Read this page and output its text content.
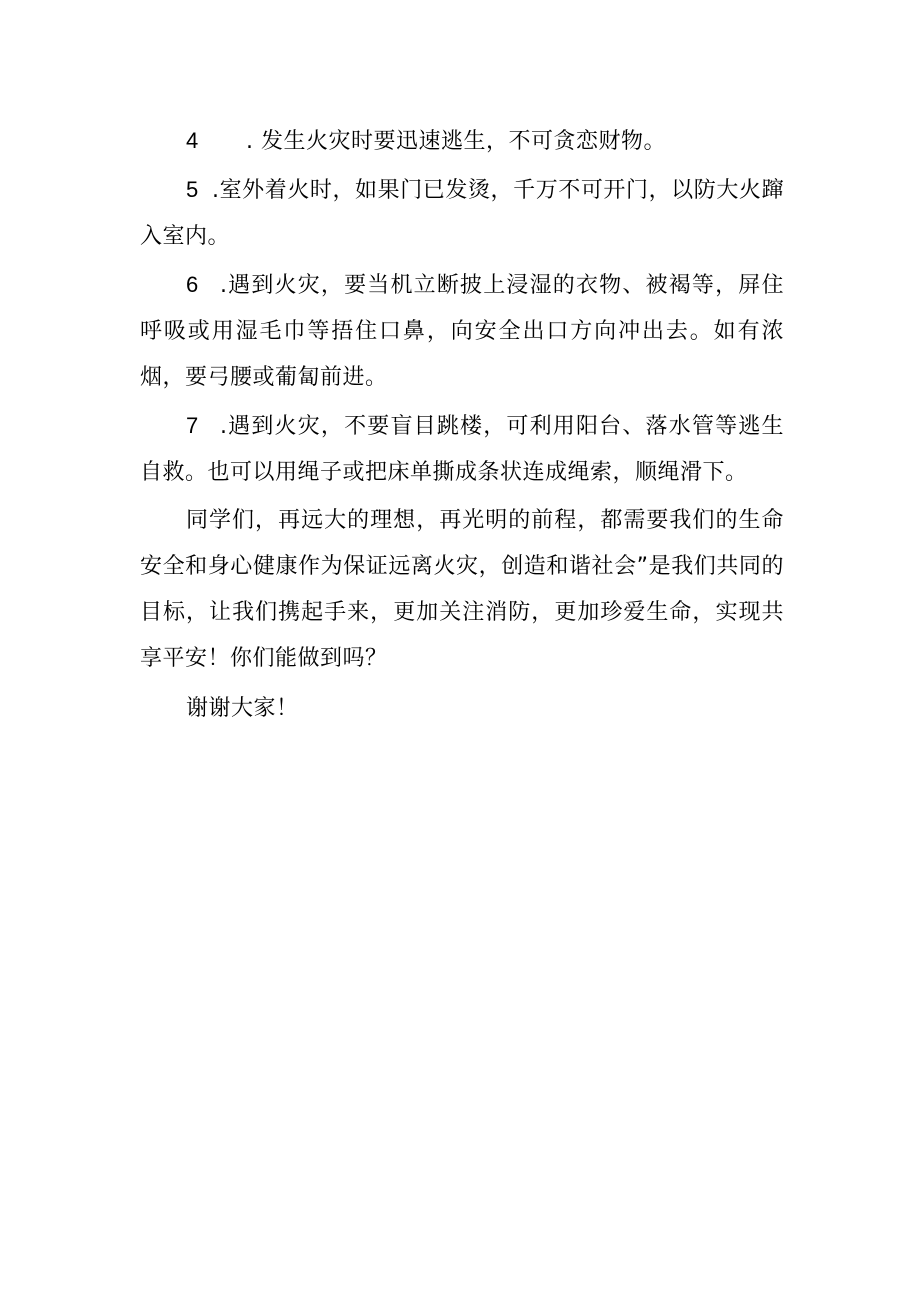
4 . 发生火灾时要迅速逃生，不可贪恋财物。

5 .室外着火时，如果门已发烫，千万不可开门，以防大火蹿入室内。

6 .遇到火灾，要当机立断披上浸湿的衣物、被褐等，屏住呼吸或用湿毛巾等捂住口鼻，向安全出口方向冲出去。如有浓烟，要弓腰或葡匐前进。

7 .遇到火灾，不要盲目跳楼，可利用阳台、落水管等逃生自救。也可以用绳子或把床单撕成条状连成绳索，顺绳滑下。

同学们，再远大的理想，再光明的前程，都需要我们的生命安全和身心健康作为保证远离火灾，创造和谐社会”是我们共同的目标，让我们携起手来，更加关注消防，更加珍爱生命，实现共享平安！你们能做到吗？

谢谢大家！
